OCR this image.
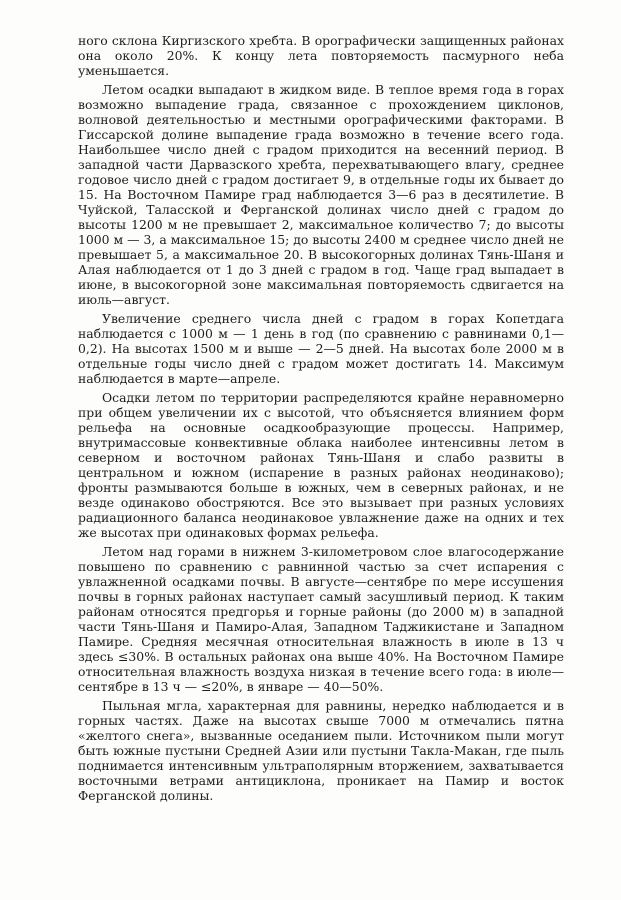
ного склона Киргизского хребта. В орографически защищенных районах она около 20%. К концу лета повторяемость пасмурного неба уменьшается.

Летом осадки выпадают в жидком виде. В теплое время года в горах возможно выпадение града, связанное с прохождением циклонов, волновой деятельностью и местными орографическими факторами. В Гиссарской долине выпадение града возможно в течение всего года. Наибольшее число дней с градом приходится на весенний период. В западной части Дарвазского хребта, перехватывающего влагу, среднее годовое число дней с градом достигает 9, в отдельные годы их бывает до 15. На Восточном Памире град наблюдается 3—6 раз в десятилетие. В Чуйской, Таласской и Ферганской долинах число дней с градом до высоты 1200 м не превышает 2, максимальное количество 7; до высоты 1000 м — 3, а максимальное 15; до высоты 2400 м среднее число дней не превышает 5, а максимальное 20. В высокогорных долинах Тянь-Шаня и Алая наблюдается от 1 до 3 дней с градом в год. Чаще град выпадает в июне, в высокогорной зоне максимальная повторяемость сдвигается на июль—август.

Увеличение среднего числа дней с градом в горах Копетдага наблюдается с 1000 м — 1 день в год (по сравнению с равнинами 0,1—0,2). На высотах 1500 м и выше — 2—5 дней. На высотах боле 2000 м в отдельные годы число дней с градом может достигать 14. Максимум наблюдается в марте—апреле.

Осадки летом по территории распределяются крайне неравномерно при общем увеличении их с высотой, что объясняется влиянием форм рельефа на основные осадкообразующие процессы. Например, внутримассовые конвективные облака наиболее интенсивны летом в северном и восточном районах Тянь-Шаня и слабо развиты в центральном и южном (испарение в разных районах неодинаково); фронты размываются больше в южных, чем в северных районах, и не везде одинаково обостряются. Все это вызывает при разных условиях радиационного баланса неодинаковое увлажнение даже на одних и тех же высотах при одинаковых формах рельефа.

Летом над горами в нижнем 3-километровом слое влагосодержание повышено по сравнению с равнинной частью за счет испарения с увлажненной осадками почвы. В августе—сентябре по мере иссушения почвы в горных районах наступает самый засушливый период. К таким районам относятся предгорья и горные районы (до 2000 м) в западной части Тянь-Шаня и Памиро-Алая, Западном Таджикистане и Западном Памире. Средняя месячная относительная влажность в июле в 13 ч здесь ≤30%. В остальных районах она выше 40%. На Восточном Памире относительная влажность воздуха низкая в течение всего года: в июле—сентябре в 13 ч — ≤20%, в январе — 40—50%.

Пыльная мгла, характерная для равнины, нередко наблюдается и в горных частях. Даже на высотах свыше 7000 м отмечались пятна «желтого снега», вызванные оседанием пыли. Источником пыли могут быть южные пустыни Средней Азии или пустыни Такла-Макан, где пыль поднимается интенсивным ультраполярным вторжением, захватывается восточными ветрами антициклона, проникает на Памир и восток Ферганской долины.
